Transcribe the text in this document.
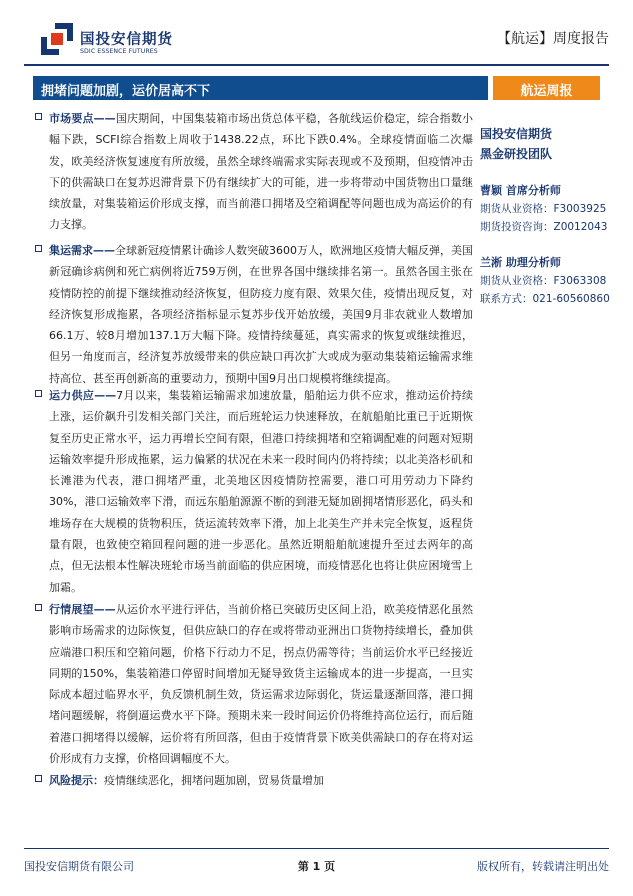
国投安信期货
SDIC ESSENCE FUTURES
【航运】周度报告
拥堵问题加剧，运价居高不下	航运周报

市场要点——国庆期间，中国集装箱市场出货总体平稳，各航线运价稳定，综合指数小幅下跌，SCFI综合指数上周收于1438.22点，环比下跌0.4%。全球疫情面临二次爆发，欧美经济恢复速度有所放缓，虽然全球终端需求实际表现或不及预期，但疫情冲击下的供需缺口在复苏迟滞背景下仍有继续扩大的可能，进一步将带动中国货物出口量继续放量，对集装箱运价形成支撑，而当前港口拥堵及空箱调配等问题也成为高运价的有力支撑。

集运需求——全球新冠疫情累计确诊人数突破3600万人，欧洲地区疫情大幅反弹，美国新冠确诊病例和死亡病例将近759万例，在世界各国中继续排名第一。虽然各国主张在疫情防控的前提下继续推动经济恢复，但防疫力度有限、效果欠佳，疫情出现反复，对经济恢复形成拖累，各项经济指标显示复苏步伐开始放缓，美国9月非农就业人数增加66.1万、较8月增加137.1万大幅下降。疫情持续蔓延，真实需求的恢复或继续推迟，但另一角度而言，经济复苏放缓带来的供应缺口再次扩大或成为驱动集装箱运输需求维持高位、甚至再创新高的重要动力，预期中国9月出口规模将继续提高。

运力供应——7月以来，集装箱运输需求加速放量，船舶运力供不应求，推动运价持续上涨，运价飙升引发相关部门关注，而后班轮运力快速释放，在航船舶比重已于近期恢复至历史正常水平，运力再增长空间有限，但港口持续拥堵和空箱调配难的问题对短期运输效率提升形成拖累，运力偏紧的状况在未来一段时间内仍将持续；以北美洛杉矶和长滩港为代表，港口拥堵严重，北美地区因疫情防控需要，港口可用劳动力下降约30%，港口运输效率下滑，而远东船舶源源不断的到港无疑加剧拥堵情形恶化，码头和堆场存在大规模的货物积压，货运流转效率下滑，加上北美生产并未完全恢复，返程货量有限，也致使空箱回程问题的进一步恶化。虽然近期船舶航速提升至过去两年的高点，但无法根本性解决班轮市场当前面临的供应困境，而疫情恶化也将让供应困境雪上加霜。

行情展望——从运价水平进行评估，当前价格已突破历史区间上沿，欧美疫情恶化虽然影响市场需求的边际恢复，但供应缺口的存在或将带动亚洲出口货物持续增长，叠加供应端港口积压和空箱问题，价格下行动力不足，拐点仍需等待；当前运价水平已经接近同期的150%，集装箱港口停留时间增加无疑导致货主运输成本的进一步提高，一旦实际成本超过临界水平，负反馈机制生效，货运需求边际弱化，货运量逐渐回落，港口拥堵问题缓解，将倒逼运费水平下降。预期未来一段时间运价仍将维持高位运行，而后随着港口拥堵得以缓解，运价将有所回落，但由于疫情背景下欧美供需缺口的存在将对运价形成有力支撑，价格回调幅度不大。

风险提示：疫情继续恶化，拥堵问题加剧，贸易货量增加

国投安信期货
黑金研投团队
曹颖 首席分析师
期货从业资格：F3003925
期货投资咨询：Z0012043
兰淅 助理分析师
期货从业资格：F3063308
联系方式：021-60560860
国投安信期货有限公司	第 1 页	版权所有，转载请注明出处
